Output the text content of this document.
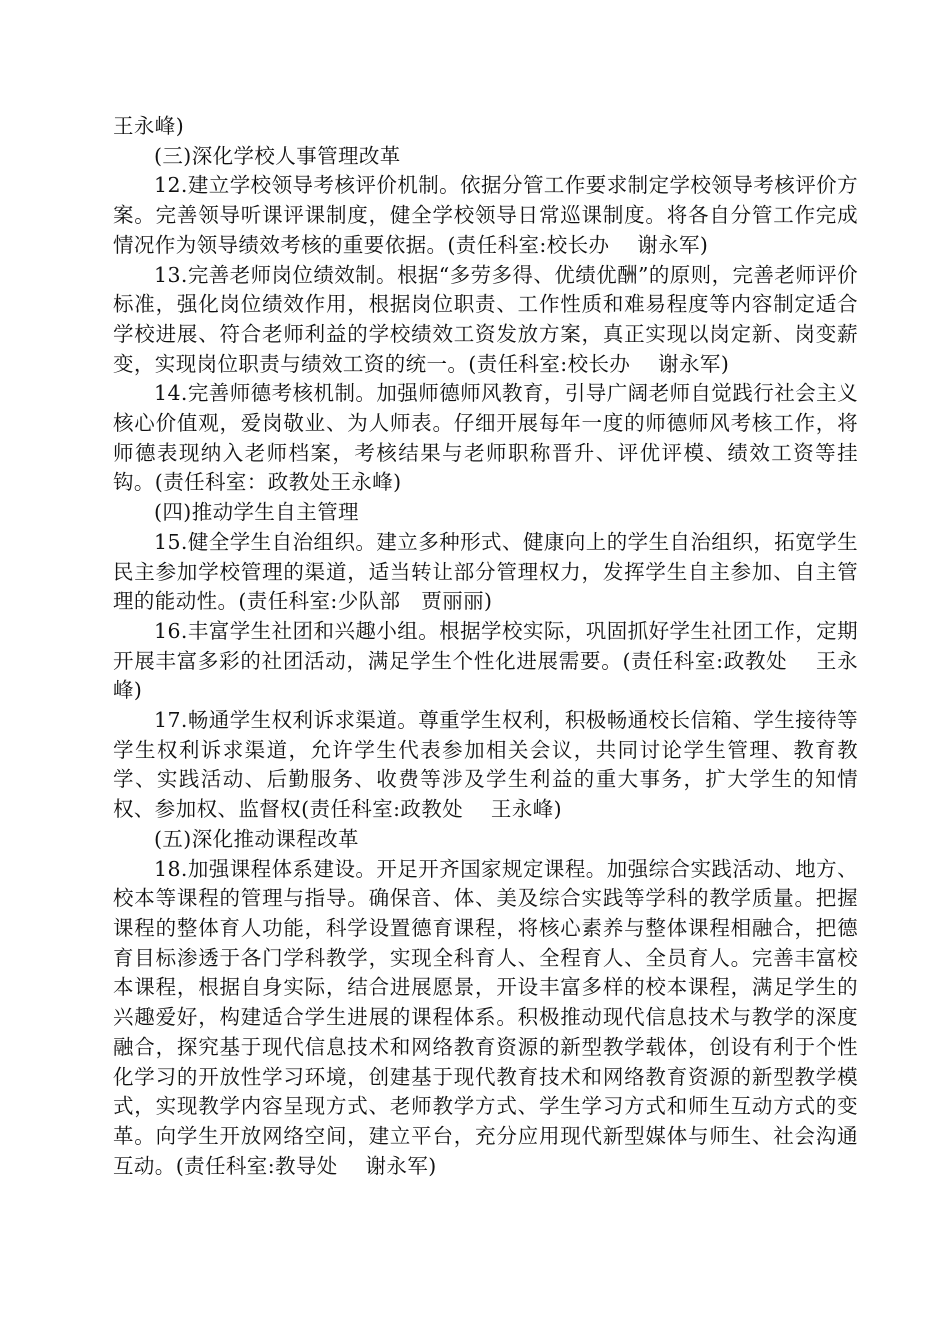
王永峰)

(三)深化学校人事管理改革

12.建立学校领导考核评价机制。依据分管工作要求制定学校领导考核评价方案。完善领导听课评课制度，健全学校领导日常巡课制度。将各自分管工作完成情况作为领导绩效考核的重要依据。(责任科室:校长办　 谢永军)

13.完善老师岗位绩效制。根据“多劳多得、优绩优酬”的原则，完善老师评价标准，强化岗位绩效作用，根据岗位职责、工作性质和难易程度等内容制定适合学校进展、符合老师利益的学校绩效工资发放方案，真正实现以岗定新、岗变薪变，实现岗位职责与绩效工资的统一。(责任科室:校长办　 谢永军)

14.完善师德考核机制。加强师德师风教育，引导广阔老师自觉践行社会主义核心价值观，爱岗敬业、为人师表。仔细开展每年一度的师德师风考核工作，将师德表现纳入老师档案，考核结果与老师职称晋升、评优评模、绩效工资等挂钩。(责任科室：政教处王永峰)

(四)推动学生自主管理

15.健全学生自治组织。建立多种形式、健康向上的学生自治组织，拓宽学生民主参加学校管理的渠道，适当转让部分管理权力，发挥学生自主参加、自主管理的能动性。(责任科室:少队部　贾丽丽)

16.丰富学生社团和兴趣小组。根据学校实际，巩固抓好学生社团工作，定期开展丰富多彩的社团活动，满足学生个性化进展需要。(责任科室:政教处　 王永峰)

17.畅通学生权利诉求渠道。尊重学生权利，积极畅通校长信箱、学生接待等学生权利诉求渠道，允许学生代表参加相关会议，共同讨论学生管理、教育教学、实践活动、后勤服务、收费等涉及学生利益的重大事务，扩大学生的知情权、参加权、监督权(责任科室:政教处　 王永峰)

(五)深化推动课程改革

18.加强课程体系建设。开足开齐国家规定课程。加强综合实践活动、地方、校本等课程的管理与指导。确保音、体、美及综合实践等学科的教学质量。把握课程的整体育人功能，科学设置德育课程，将核心素养与整体课程相融合，把德育目标渗透于各门学科教学，实现全科育人、全程育人、全员育人。完善丰富校本课程，根据自身实际，结合进展愿景，开设丰富多样的校本课程，满足学生的兴趣爱好，构建适合学生进展的课程体系。积极推动现代信息技术与教学的深度融合，探究基于现代信息技术和网络教育资源的新型教学载体，创设有利于个性化学习的开放性学习环境，创建基于现代教育技术和网络教育资源的新型教学模式，实现教学内容呈现方式、老师教学方式、学生学习方式和师生互动方式的变革。向学生开放网络空间，建立平台，充分应用现代新型媒体与师生、社会沟通互动。(责任科室:教导处　 谢永军)
